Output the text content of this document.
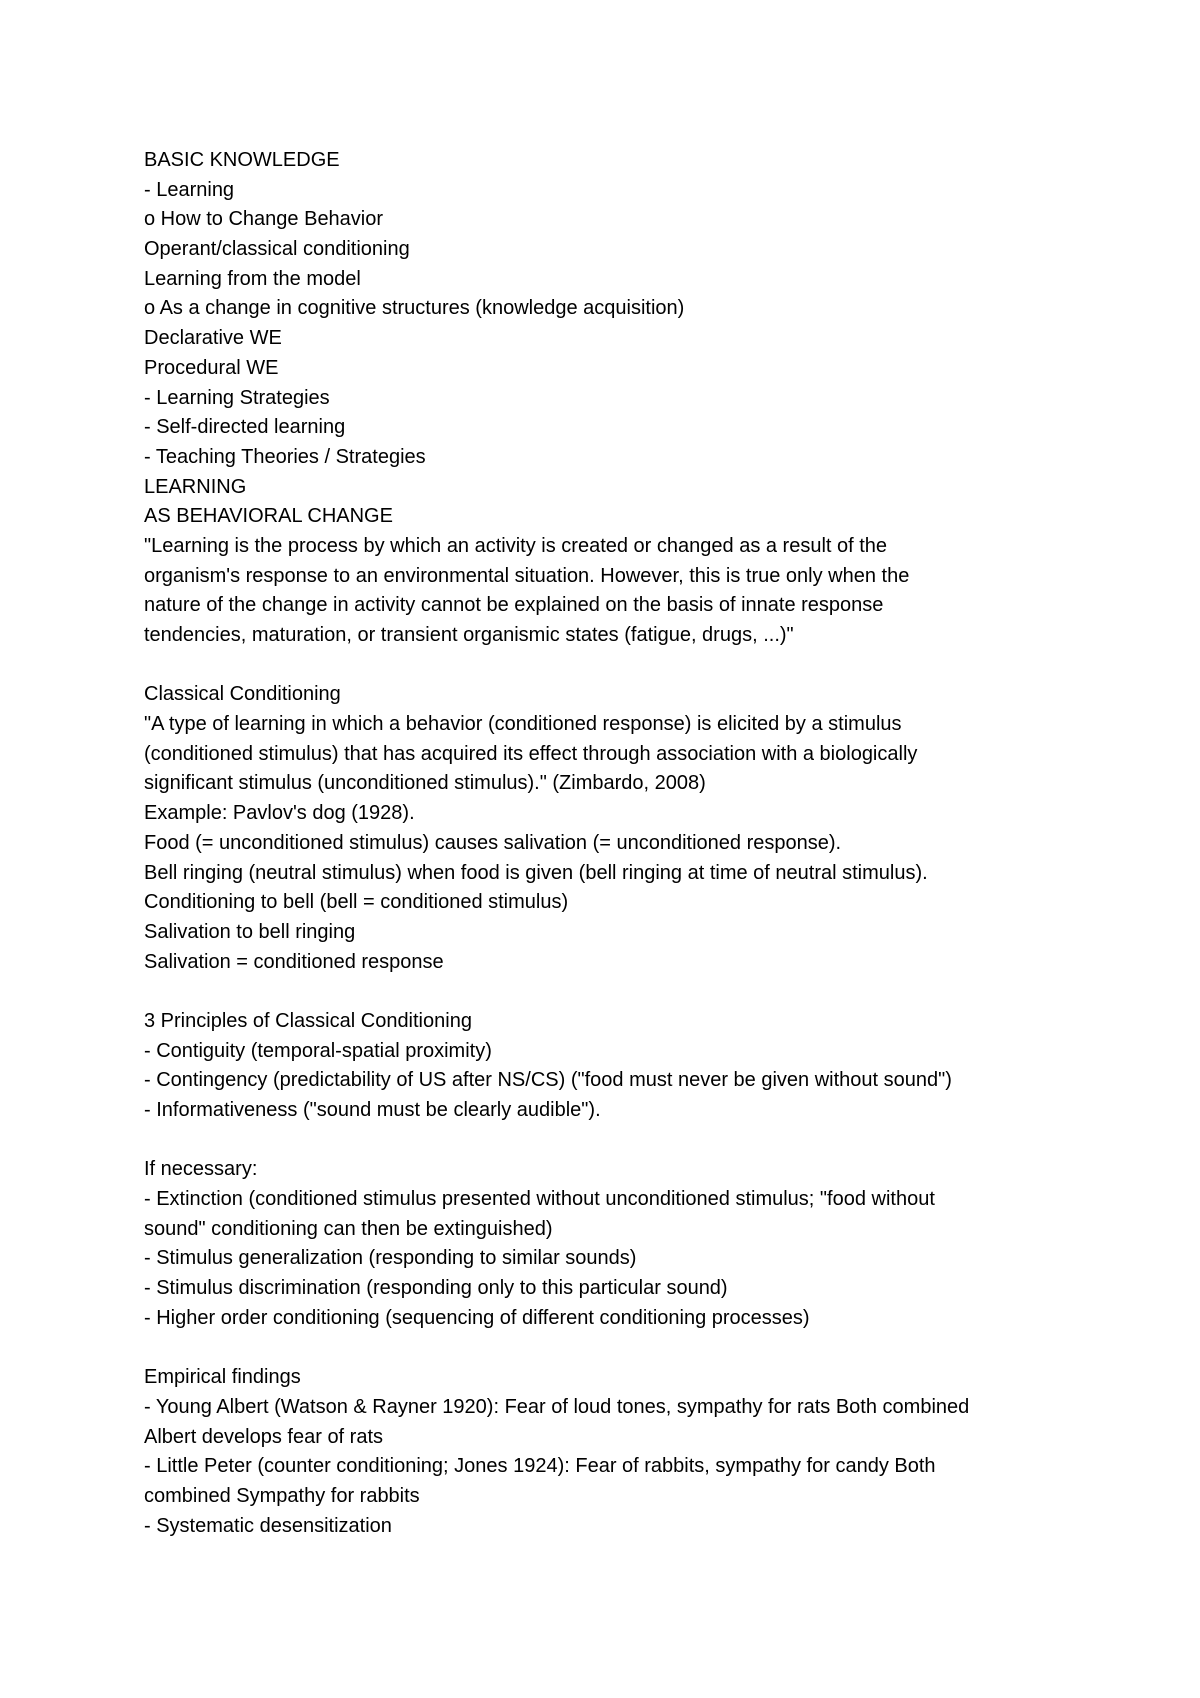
BASIC KNOWLEDGE

- Learning

o How to Change Behavior

Operant/classical conditioning

Learning from the model

o As a change in cognitive structures (knowledge acquisition)

Declarative WE

Procedural WE

- Learning Strategies

- Self-directed learning

- Teaching Theories / Strategies

LEARNING

AS BEHAVIORAL CHANGE

"Learning is the process by which an activity is created or changed as a result of the

organism's response to an environmental situation. However, this is true only when the

nature of the change in activity cannot be explained on the basis of innate response

tendencies, maturation, or transient organismic states (fatigue, drugs, ...)"

Classical Conditioning

"A type of learning in which a behavior (conditioned response) is elicited by a stimulus

(conditioned stimulus) that has acquired its effect through association with a biologically

significant stimulus (unconditioned stimulus)." (Zimbardo, 2008)

Example: Pavlov's dog (1928).

Food (= unconditioned stimulus) causes salivation (= unconditioned response).

Bell ringing (neutral stimulus) when food is given (bell ringing at time of neutral stimulus).

Conditioning to bell (bell = conditioned stimulus)

Salivation to bell ringing

Salivation = conditioned response

3 Principles of Classical Conditioning

- Contiguity (temporal-spatial proximity)

- Contingency (predictability of US after NS/CS) ("food must never be given without sound")

- Informativeness ("sound must be clearly audible").

If necessary:

- Extinction (conditioned stimulus presented without unconditioned stimulus; "food without

sound" conditioning can then be extinguished)

- Stimulus generalization (responding to similar sounds)

- Stimulus discrimination (responding only to this particular sound)

- Higher order conditioning (sequencing of different conditioning processes)

Empirical findings

- Young Albert (Watson & Rayner 1920): Fear of loud tones, sympathy for rats Both combined

Albert develops fear of rats

- Little Peter (counter conditioning; Jones 1924): Fear of rabbits, sympathy for candy Both

combined Sympathy for rabbits

- Systematic desensitization
